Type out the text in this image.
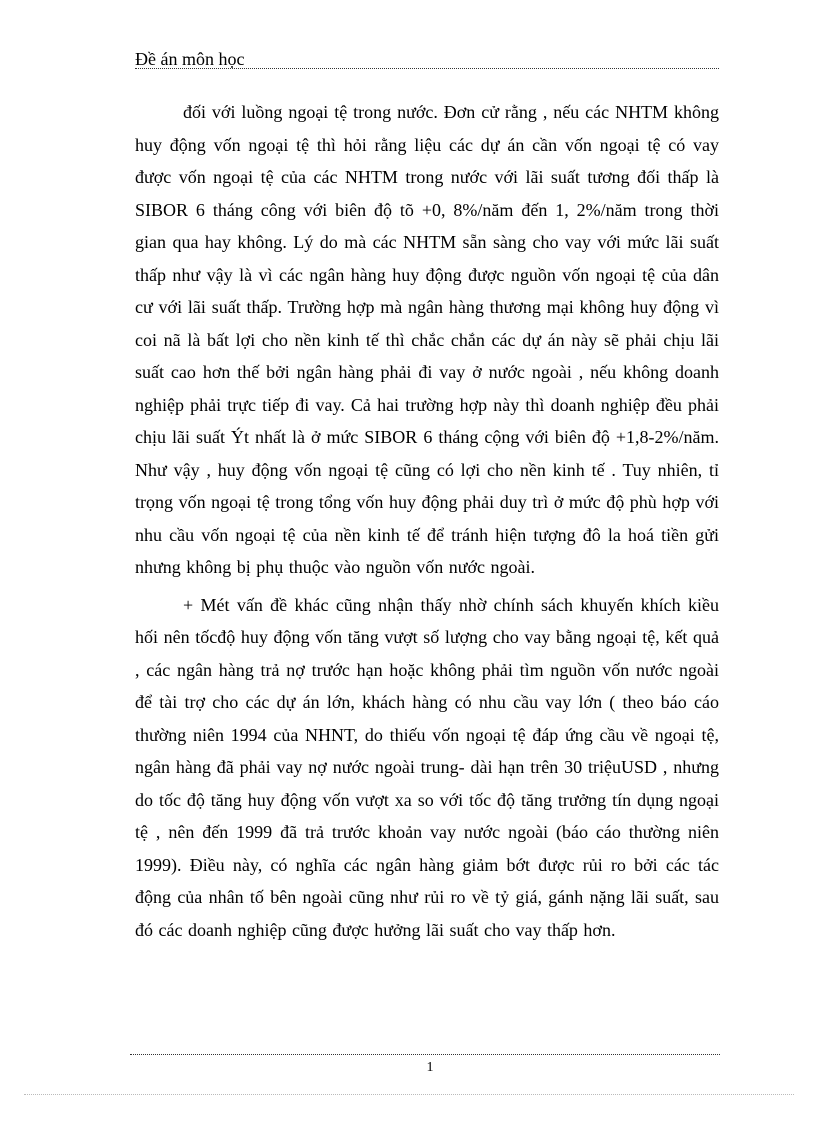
Đề án môn học

đối với luồng ngoại tệ trong nước. Đơn cử rằng , nếu các NHTM không huy động vốn ngoại tệ thì hỏi rằng liệu các dự án cần vốn ngoại tệ có vay được vốn ngoại tệ của các NHTM trong nước với lãi suất tương đối thấp là SIBOR 6 tháng công với biên độ tõ +0, 8%/năm đến 1, 2%/năm trong thời gian qua hay không. Lý do mà các NHTM sẵn sàng cho vay với mức lãi suất thấp như vậy là vì các ngân hàng huy động được nguồn vốn ngoại tệ của dân cư với lãi suất thấp. Trường hợp mà ngân hàng thương mại không huy động vì coi nã là bất lợi cho nền kinh tế thì chắc chắn các dự án này sẽ phải chịu lãi suất cao hơn thế bởi ngân hàng phải đi vay ở nước ngoài , nếu không doanh nghiệp phải trực tiếp đi vay. Cả hai trường hợp này thì doanh nghiệp đều phải chịu lãi suất Ýt nhất là ở mức SIBOR 6 tháng cộng với biên độ +1,8-2%/năm. Như vậy , huy động vốn ngoại tệ cũng có lợi cho nền kinh tế . Tuy nhiên, tỉ trọng vốn ngoại tệ trong tổng vốn huy động phải duy trì ở mức độ phù hợp với nhu cầu vốn ngoại tệ của nền kinh tế để tránh hiện tượng đô la hoá tiền gửi nhưng không bị phụ thuộc vào nguồn vốn nước ngoài.

+ Mét vấn đề khác cũng nhận thấy nhờ chính sách khuyến khích kiều hối nên tốcđộ huy động vốn tăng vượt số lượng cho vay bằng ngoại tệ, kết quả , các ngân hàng trả nợ trước hạn hoặc không phải tìm nguồn vốn nước ngoài để tài trợ cho các dự án lớn, khách hàng có nhu cầu vay lớn ( theo báo cáo thường niên 1994 của NHNT, do thiếu vốn ngoại tệ đáp ứng cầu về ngoại tệ, ngân hàng đã phải vay nợ nước ngoài trung- dài hạn trên 30 triệuUSD , nhưng do tốc độ tăng huy động vốn vượt xa so với tốc độ tăng trưởng tín dụng ngoại tệ , nên đến 1999 đã trả trước khoản vay nước ngoài (báo cáo thường niên 1999). Điều này, có nghĩa các ngân hàng giảm bớt được rủi ro bởi các tác động của nhân tố bên ngoài cũng như rủi ro về tỷ giá, gánh nặng lãi suất, sau đó các doanh nghiệp cũng được hưởng lãi suất cho vay thấp hơn.

1
